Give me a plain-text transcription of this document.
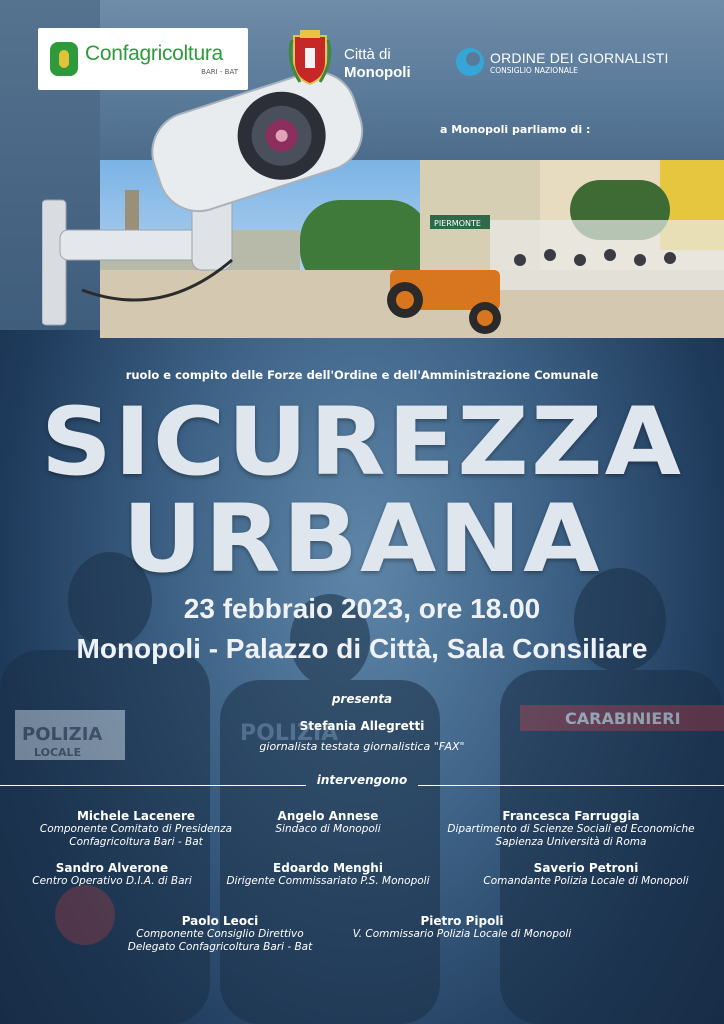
POLIZIA
LOCALE
POLIZIA
CARABINIERI
PIERMONTE
Confagricoltura
BARI - BAT
Città di
Monopoli
ORDINE DEI GIORNALISTI
CONSIGLIO NAZIONALE
a Monopoli parliamo di :
ruolo e compito delle Forze dell'Ordine e dell'Amministrazione Comunale
SICUREZZA
URBANA
23 febbraio 2023, ore 18.00
Monopoli - Palazzo di Città, Sala Consiliare
presenta
Stefania Allegretti
giornalista testata giornalistica "FAX"
intervengono
Michele Lacenere
Componente Comitato di Presidenza
Confagricoltura Bari - Bat
Angelo Annese
Sindaco di Monopoli
Francesca Farruggia
Dipartimento di Scienze Sociali ed Economiche
Sapienza Università di Roma
Sandro Alverone
Centro Operativo D.I.A. di Bari
Edoardo Menghi
Dirigente Commissariato P.S. Monopoli
Saverio Petroni
Comandante Polizia Locale di Monopoli
Paolo Leoci
Componente Consiglio Direttivo
Delegato Confagricoltura Bari - Bat
Pietro Pipoli
V. Commissario Polizia Locale di Monopoli
